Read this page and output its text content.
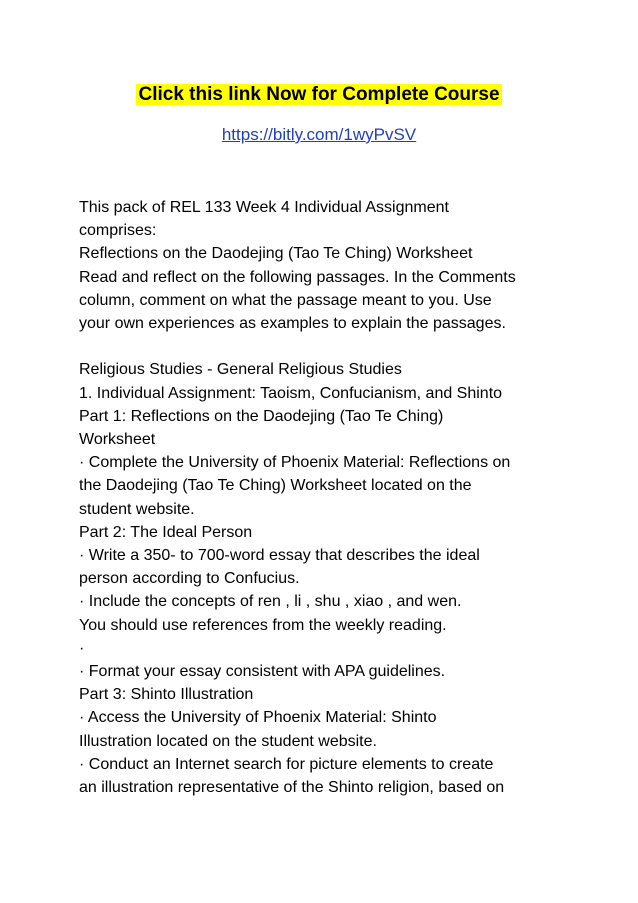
Click this link Now for Complete Course
https://bitly.com/1wyPvSV
This pack of REL 133 Week 4 Individual Assignment
comprises:
Reflections on the Daodejing (Tao Te Ching) Worksheet
Read and reflect on the following passages. In the Comments
column, comment on what the passage meant to you. Use
your own experiences as examples to explain the passages.
Religious Studies - General Religious Studies
1. Individual Assignment: Taoism, Confucianism, and Shinto
Part 1: Reflections on the Daodejing (Tao Te Ching)
Worksheet
· Complete the University of Phoenix Material: Reflections on
the Daodejing (Tao Te Ching) Worksheet located on the
student website.
Part 2: The Ideal Person
· Write a 350- to 700-word essay that describes the ideal
person according to Confucius.
· Include the concepts of ren , li , shu , xiao , and wen.
You should use references from the weekly reading.
·
· Format your essay consistent with APA guidelines.
Part 3: Shinto Illustration
· Access the University of Phoenix Material: Shinto
Illustration located on the student website.
· Conduct an Internet search for picture elements to create
an illustration representative of the Shinto religion, based on
